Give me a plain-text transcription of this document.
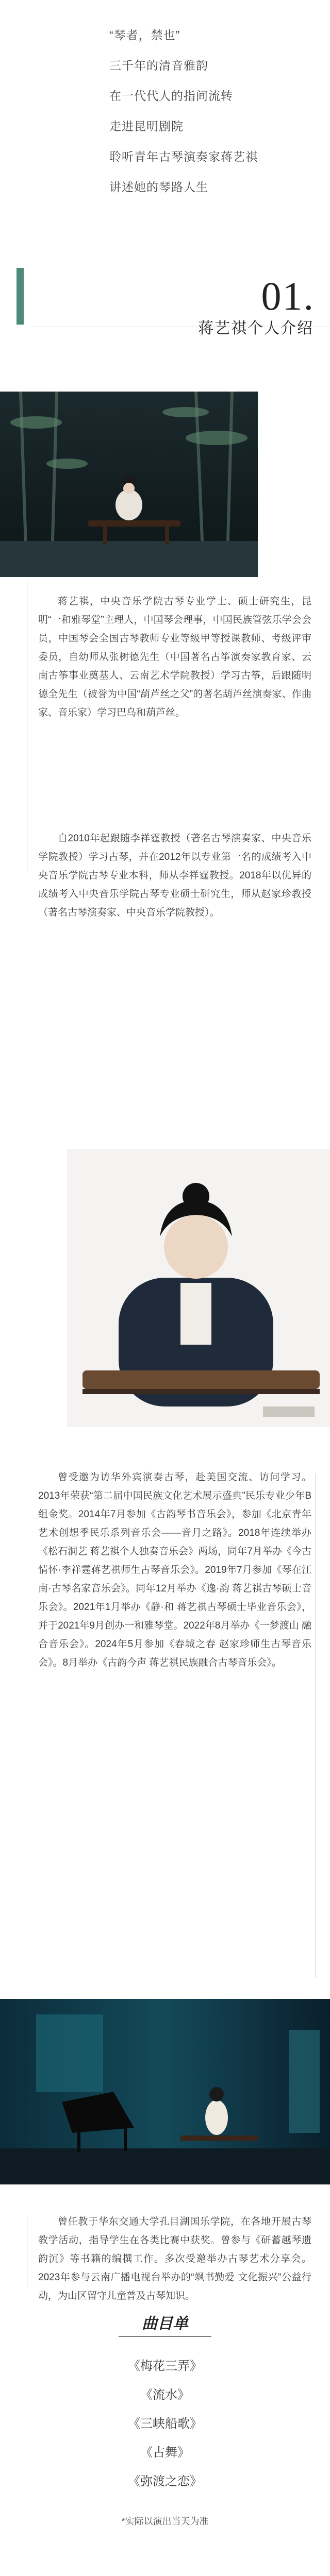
“琴者，禁也”

三千年的清音雅韵

在一代代人的指间流转

走进昆明剧院

聆听青年古琴演奏家蒋艺祺

讲述她的琴路人生

01.
蒋艺祺个人介绍
蒋艺祺，中央音乐学院古琴专业学士、硕士研究生，昆明“一和雅琴堂”主理人，中国琴会理事，中国民族管弦乐学会会员，中国琴会全国古琴教师专业等级甲等授课教师、考级评审委员，自幼师从张树德先生（中国著名古筝演奏家教育家、云南古筝事业奠基人、云南艺术学院教授）学习古筝，后跟随明德全先生（被誉为中国“葫芦丝之父”的著名葫芦丝演奏家、作曲家、音乐家）学习巴乌和葫芦丝。
自2010年起跟随李祥霆教授（著名古琴演奏家、中央音乐学院教授）学习古琴，并在2012年以专业第一名的成绩考入中央音乐学院古琴专业本科，师从李祥霆教授。2018年以优异的成绩考入中央音乐学院古琴专业硕士研究生，师从赵家珍教授（著名古琴演奏家、中央音乐学院教授）。
曾受邀为访华外宾演奏古琴，赴美国交流、访问学习。2013年荣获“第二届中国民族文化艺术展示盛典”民乐专业少年B组金奖。2014年7月参加《古韵琴书音乐会》，参加《北京青年艺术创想季民乐系列音乐会——音月之路》。2018年连续举办《松石洞艺 蒋艺祺个人独奏音乐会》两场，同年7月举办《今古情怀·李祥霆蒋艺祺师生古琴音乐会》。2019年7月参加《琴在江南·古琴名家音乐会》。同年12月举办《逸·韵 蒋艺祺古琴硕士音乐会》。2021年1月举办《静·和 蒋艺祺古琴硕士毕业音乐会》，并于2021年9月创办一和雅琴堂。2022年8月举办《一梦渡山 融合音乐会》。2024年5月参加《春城之春 赵家珍师生古琴音乐会》。8月举办《古韵今声 蒋艺祺民族融合古琴音乐会》。
曾任教于华东交通大学孔目湖国乐学院，在各地开展古琴教学活动，指导学生在各类比赛中获奖。曾参与《研蓄越琴遗韵沉》等书籍的编撰工作。多次受邀举办古琴艺术分享会。2023年参与云南广播电视台举办的“飒书勤爱 文化振兴”公益行动，为山区留守儿童普及古琴知识。
曲目单
《梅花三弄》
《流水》
《三峡船歌》
《古舞》
《弥渡之恋》
*实际以演出当天为准
